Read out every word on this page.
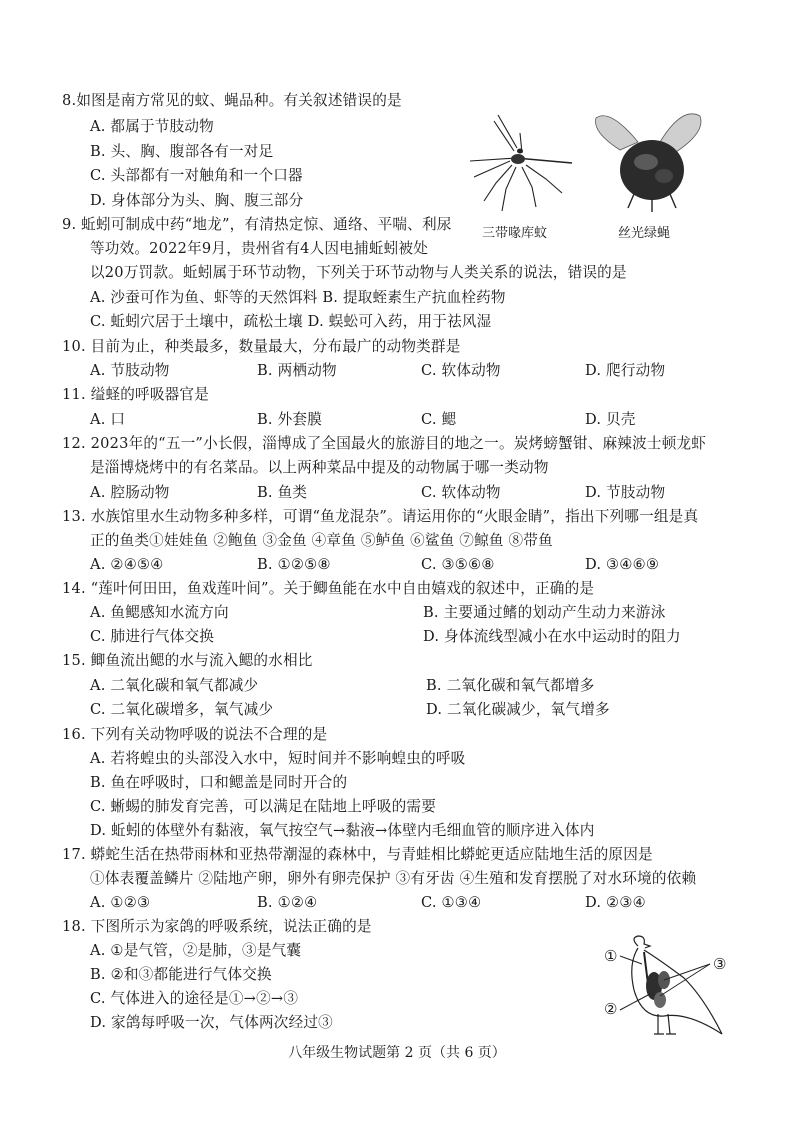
8.如图是南方常见的蚊、蝇品种。有关叙述错误的是
A. 都属于节肢动物
B. 头、胸、腹部各有一对足
C. 头部都有一对触角和一个口器
D. 身体部分为头、胸、腹三部分
三带喙库蚊	丝光绿蝇
9. 蚯蚓可制成中药“地龙”，有清热定惊、通络、平喘、利尿
等功效。2022年9月，贵州省有4人因电捕蚯蚓被处
以20万罚款。蚯蚓属于环节动物，下列关于环节动物与人类关系的说法，错误的是
A. 沙蚕可作为鱼、虾等的天然饵料 B. 提取蛭素生产抗血栓药物
C. 蚯蚓穴居于土壤中，疏松土壤 D. 蜈蚣可入药，用于祛风湿
10. 目前为止，种类最多，数量最大，分布最广的动物类群是
A. 节肢动物	B. 两栖动物	C. 软体动物	D. 爬行动物
11. 缢蛏的呼吸器官是
A. 口	B. 外套膜	C. 鳃	D. 贝壳
12. 2023年的“五一”小长假，淄博成了全国最火的旅游目的地之一。炭烤螃蟹钳、麻辣波士顿龙虾
是淄博烧烤中的有名菜品。以上两种菜品中提及的动物属于哪一类动物
A. 腔肠动物	B. 鱼类	C. 软体动物	D. 节肢动物
13. 水族馆里水生动物多种多样，可谓“鱼龙混杂”。请运用你的“火眼金睛”，指出下列哪一组是真
正的鱼类①娃娃鱼 ②鲍鱼 ③金鱼 ④章鱼 ⑤鲈鱼 ⑥鲨鱼 ⑦鲸鱼 ⑧带鱼
A. ②④⑤④	B. ①②⑤⑧	C. ③⑤⑥⑧	D. ③④⑥⑨
14. “莲叶何田田，鱼戏莲叶间”。关于鲫鱼能在水中自由嬉戏的叙述中，正确的是
A. 鱼鳃感知水流方向	B. 主要通过鳍的划动产生动力来游泳
C. 肺进行气体交换	D. 身体流线型减小在水中运动时的阻力
15. 鲫鱼流出鳃的水与流入鳃的水相比
A. 二氧化碳和氧气都减少	B. 二氧化碳和氧气都增多
C. 二氧化碳增多，氧气减少	D. 二氧化碳减少，氧气增多
16. 下列有关动物呼吸的说法不合理的是
A. 若将蝗虫的头部没入水中，短时间并不影响蝗虫的呼吸
B. 鱼在呼吸时，口和鳃盖是同时开合的
C. 蜥蜴的肺发育完善，可以满足在陆地上呼吸的需要
D. 蚯蚓的体壁外有黏液，氧气按空气→黏液→体壁内毛细血管的顺序进入体内
17. 蟒蛇生活在热带雨林和亚热带潮湿的森林中，与青蛙相比蟒蛇更适应陆地生活的原因是
①体表覆盖鳞片 ②陆地产卵，卵外有卵壳保护 ③有牙齿 ④生殖和发育摆脱了对水环境的依赖
A. ①②③	B. ①②④	C. ①③④	D. ②③④
18. 下图所示为家鸽的呼吸系统，说法正确的是
A. ①是气管，②是肺，③是气囊
B. ②和③都能进行气体交换
C. 气体进入的途径是①→②→③
D. 家鸽每呼吸一次，气体两次经过③
①	③
②
八年级生物试题第 2 页（共 6 页）
